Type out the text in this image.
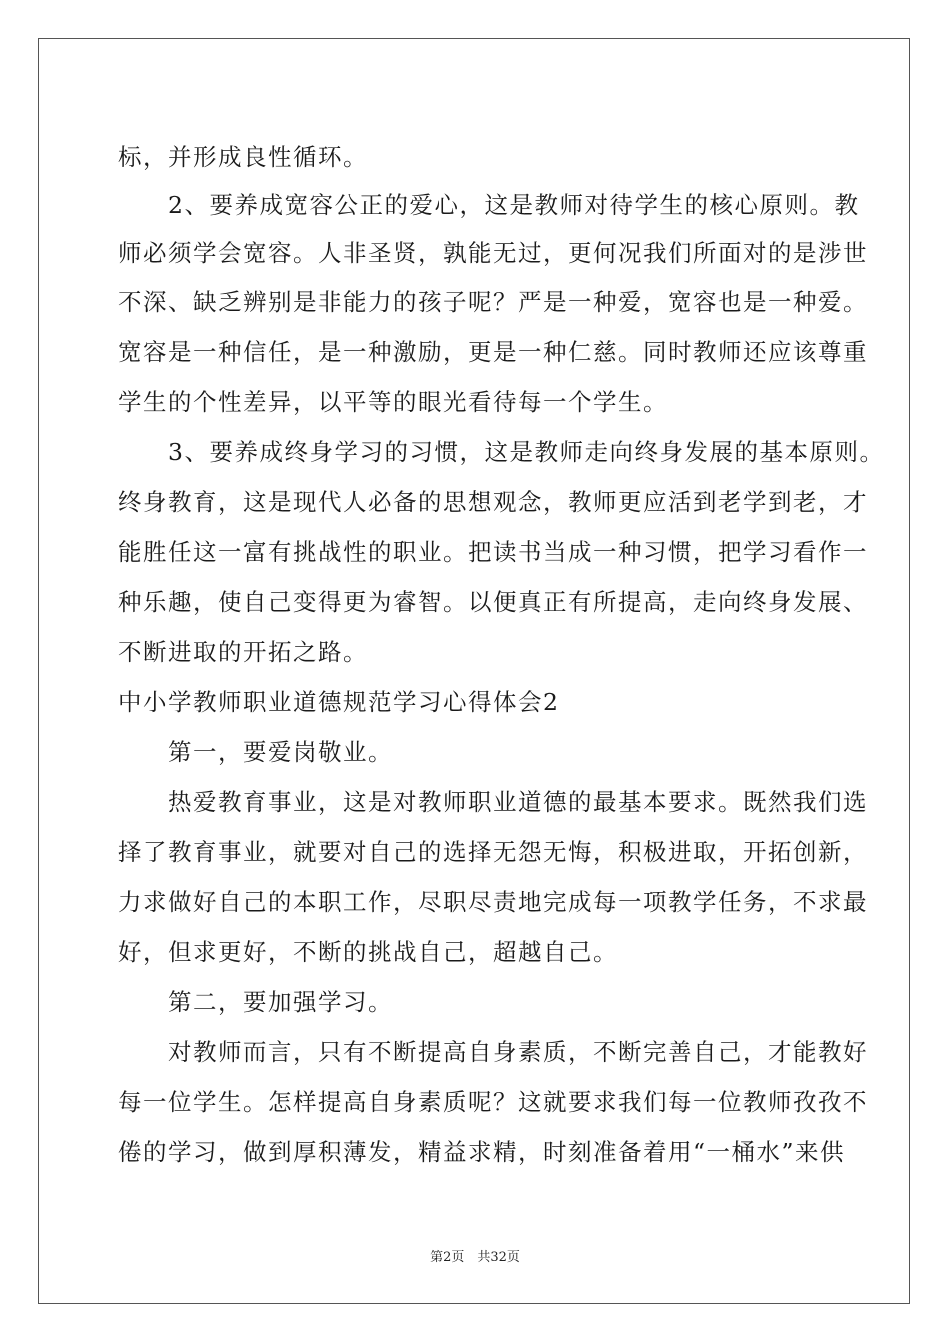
标，并形成良性循环。
　　2、要养成宽容公正的爱心，这是教师对待学生的核心原则。教
师必须学会宽容。人非圣贤，孰能无过，更何况我们所面对的是涉世
不深、缺乏辨别是非能力的孩子呢？严是一种爱，宽容也是一种爱。
宽容是一种信任，是一种激励，更是一种仁慈。同时教师还应该尊重
学生的个性差异，以平等的眼光看待每一个学生。
　　3、要养成终身学习的习惯，这是教师走向终身发展的基本原则。
终身教育，这是现代人必备的思想观念，教师更应活到老学到老，才
能胜任这一富有挑战性的职业。把读书当成一种习惯，把学习看作一
种乐趣，使自己变得更为睿智。以便真正有所提高，走向终身发展、
不断进取的开拓之路。
中小学教师职业道德规范学习心得体会2
　　第一，要爱岗敬业。
　　热爱教育事业，这是对教师职业道德的最基本要求。既然我们选
择了教育事业，就要对自己的选择无怨无悔，积极进取，开拓创新，
力求做好自己的本职工作，尽职尽责地完成每一项教学任务，不求最
好，但求更好，不断的挑战自己，超越自己。
　　第二，要加强学习。
　　对教师而言，只有不断提高自身素质，不断完善自己，才能教好
每一位学生。怎样提高自身素质呢？这就要求我们每一位教师孜孜不
倦的学习，做到厚积薄发，精益求精，时刻准备着用“一桶水”来供
第2页　共32页
